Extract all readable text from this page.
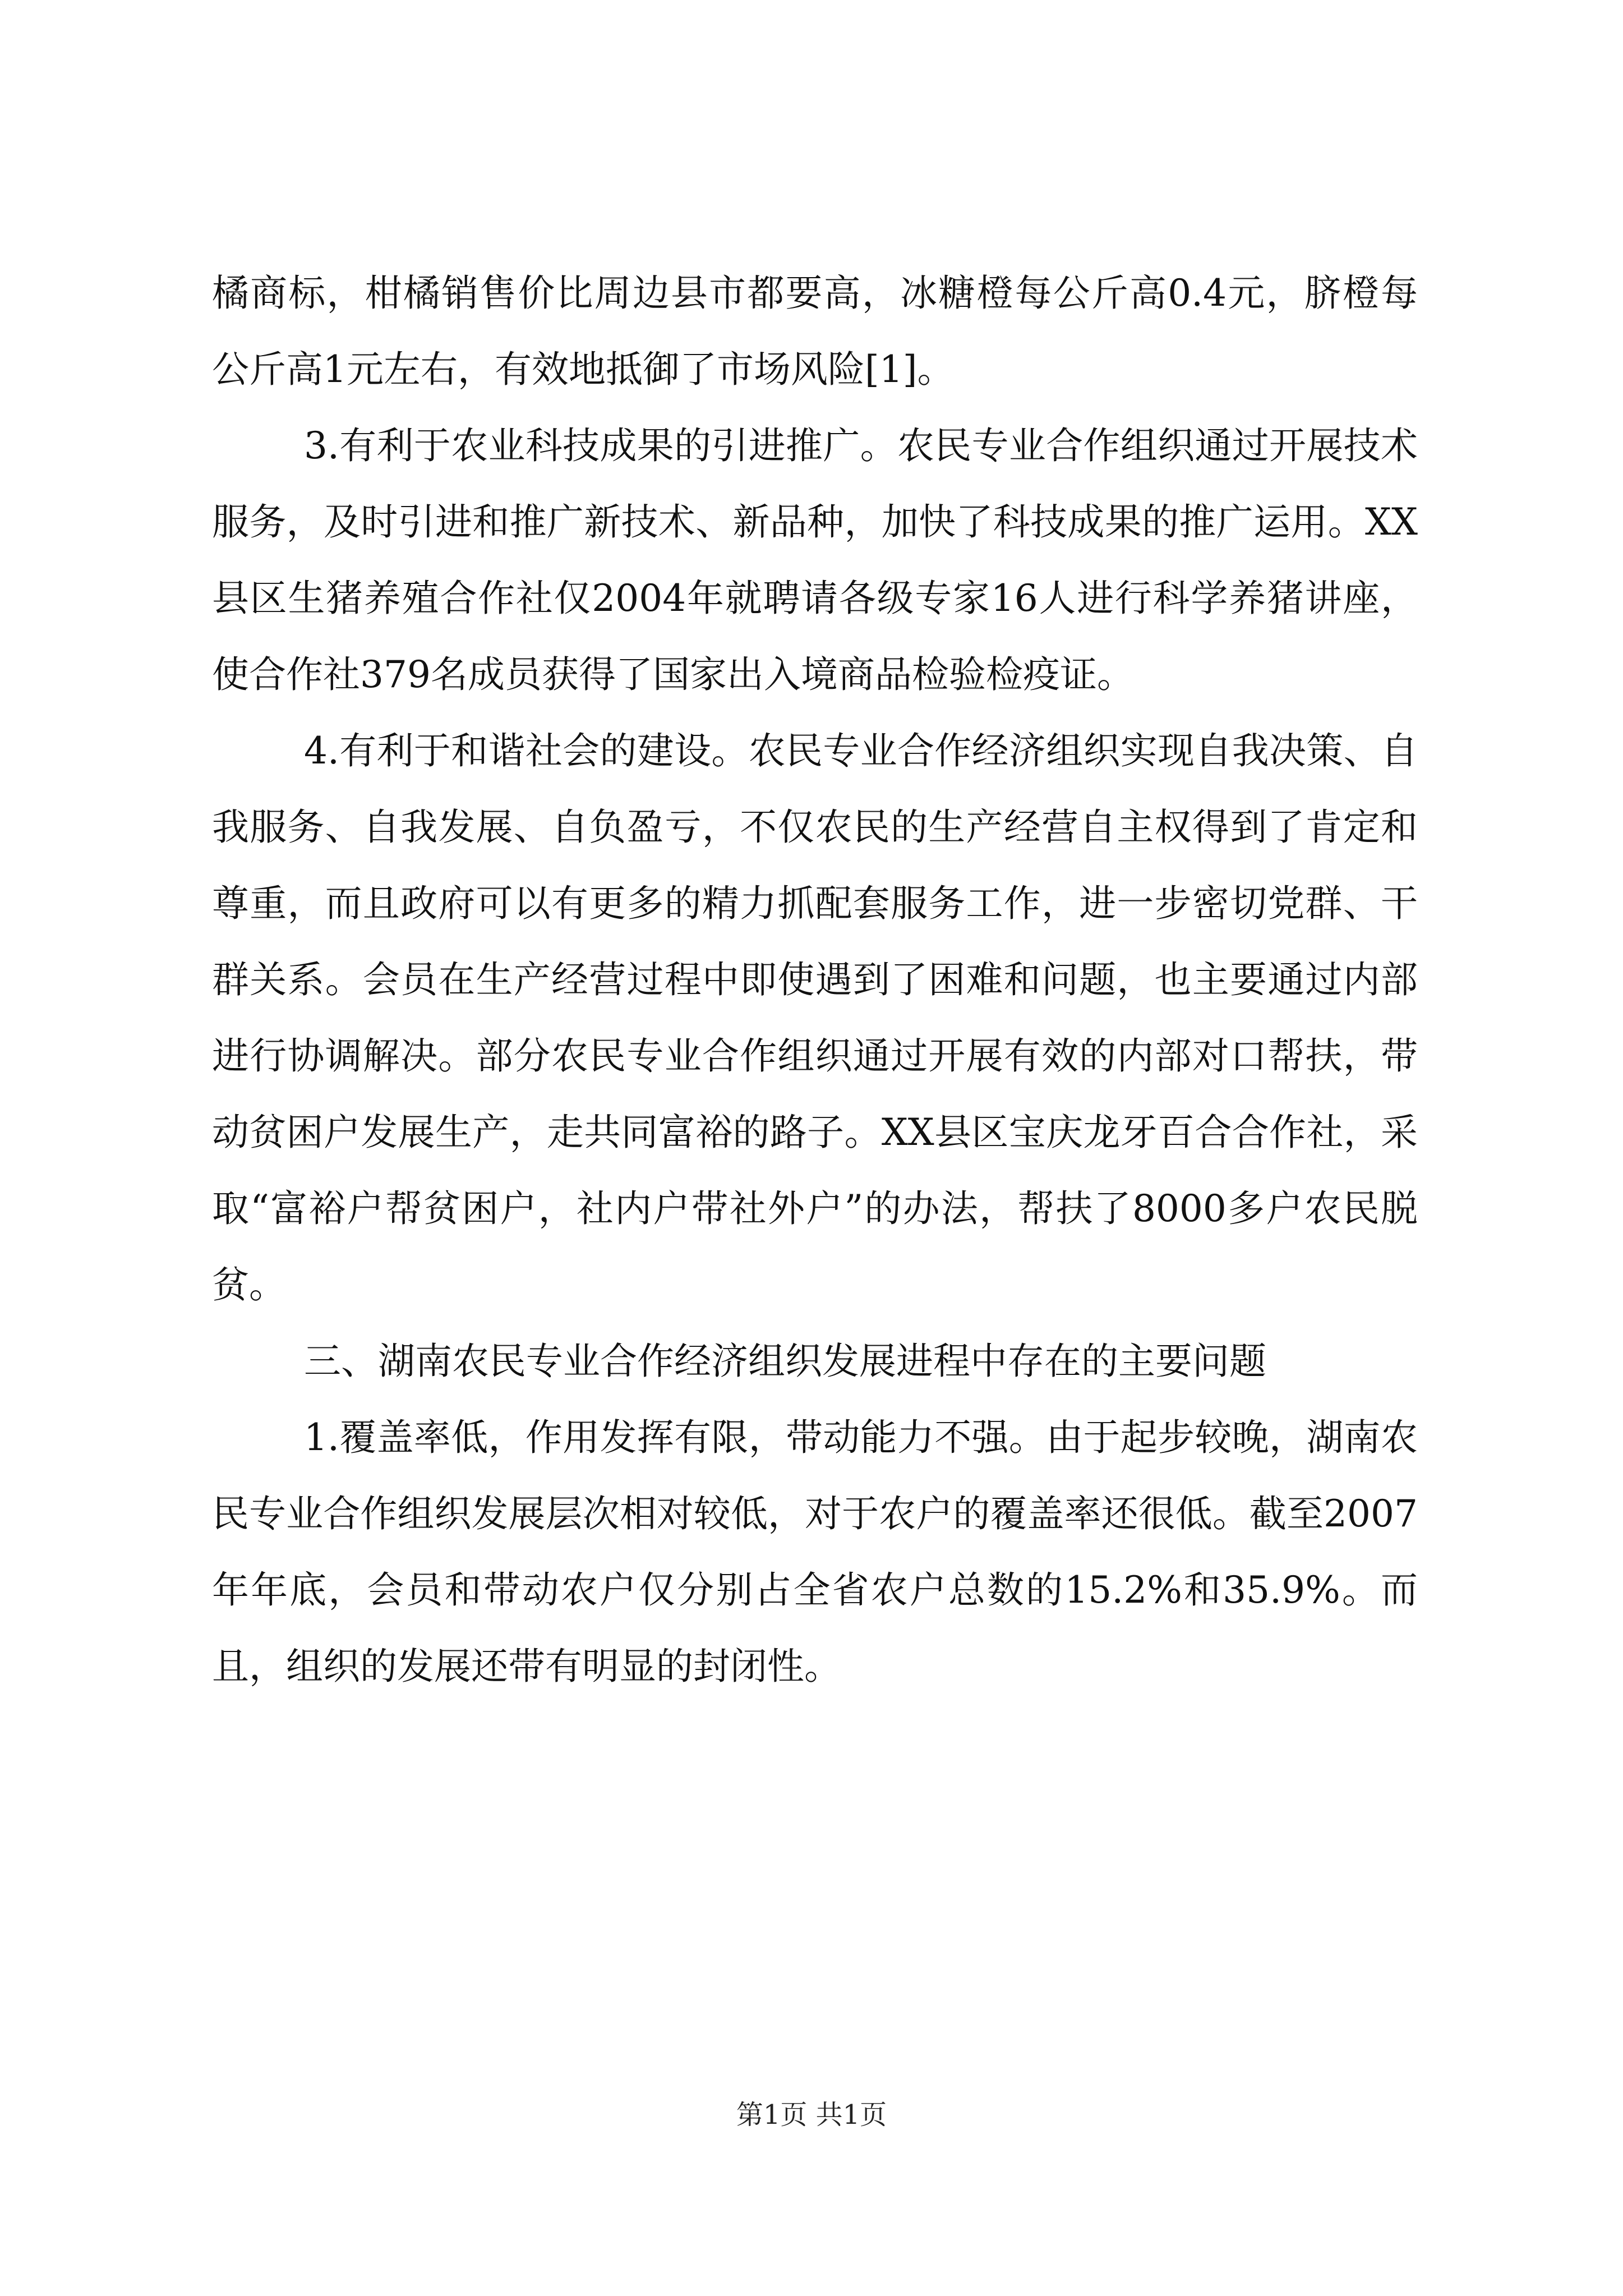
橘商标，柑橘销售价比周边县市都要高，冰糖橙每公斤高0.4元，脐橙每公斤高1元左右，有效地抵御了市场风险[1]。

3.有利于农业科技成果的引进推广。农民专业合作组织通过开展技术服务，及时引进和推广新技术、新品种，加快了科技成果的推广运用。XX县区生猪养殖合作社仅2004年就聘请各级专家16人进行科学养猪讲座，使合作社379名成员获得了国家出入境商品检验检疫证。

4.有利于和谐社会的建设。农民专业合作经济组织实现自我决策、自我服务、自我发展、自负盈亏，不仅农民的生产经营自主权得到了肯定和尊重，而且政府可以有更多的精力抓配套服务工作，进一步密切党群、干群关系。会员在生产经营过程中即使遇到了困难和问题，也主要通过内部进行协调解决。部分农民专业合作组织通过开展有效的内部对口帮扶，带动贫困户发展生产，走共同富裕的路子。XX县区宝庆龙牙百合合作社，采取“富裕户帮贫困户，社内户带社外户”的办法，帮扶了8000多户农民脱贫。

三、湖南农民专业合作经济组织发展进程中存在的主要问题

1.覆盖率低，作用发挥有限，带动能力不强。由于起步较晚，湖南农民专业合作组织发展层次相对较低，对于农户的覆盖率还很低。截至2007年年底，会员和带动农户仅分别占全省农户总数的15.2%和35.9%。而且，组织的发展还带有明显的封闭性。

第1页 共1页
